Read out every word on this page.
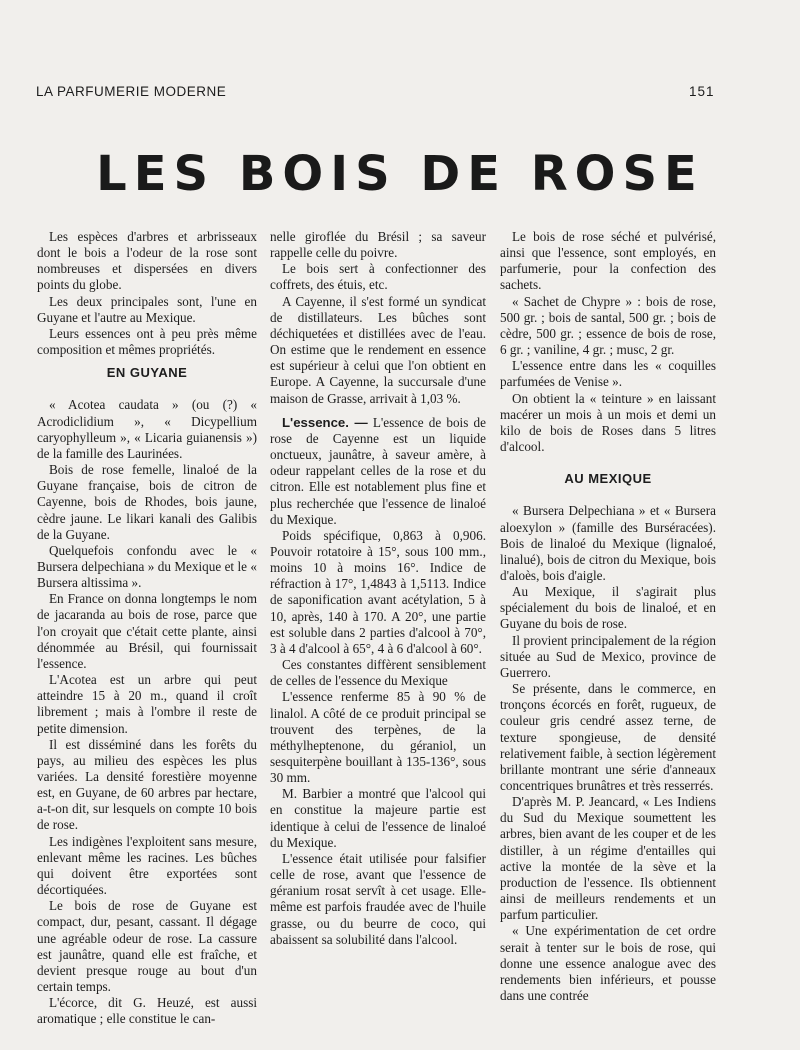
LA PARFUMERIE MODERNE	151
LES BOIS DE ROSE

Les espèces d'arbres et arbrisseaux dont le bois a l'odeur de la rose sont nombreuses et dispersées en divers points du globe.

Les deux principales sont, l'une en Guyane et l'autre au Mexique.

Leurs essences ont à peu près même composition et mêmes propriétés.

EN GUYANE

« Acotea caudata » (ou (?) « Acrodiclidium », « Dicypellium caryophylleum », « Licaria guianensis ») de la famille des Laurinées.

Bois de rose femelle, linaloé de la Guyane française, bois de citron de Cayenne, bois de Rhodes, bois jaune, cèdre jaune. Le likari kanali des Galibis de la Guyane.

Quelquefois confondu avec le « Bursera delpechiana » du Mexique et le « Bursera altissima ».

En France on donna longtemps le nom de jacaranda au bois de rose, parce que l'on croyait que c'était cette plante, ainsi dénommée au Brésil, qui fournissait l'essence.

L'Acotea est un arbre qui peut atteindre 15 à 20 m., quand il croît librement ; mais à l'ombre il reste de petite dimension.

Il est disséminé dans les forêts du pays, au milieu des espèces les plus variées. La densité forestière moyenne est, en Guyane, de 60 arbres par hectare, a-t-on dit, sur lesquels on compte 10 bois de rose.

Les indigènes l'exploitent sans mesure, enlevant même les racines. Les bûches qui doivent être exportées sont décortiquées.

Le bois de rose de Guyane est compact, dur, pesant, cassant. Il dégage une agréable odeur de rose. La cassure est jaunâtre, quand elle est fraîche, et devient presque rouge au bout d'un certain temps.

L'écorce, dit G. Heuzé, est aussi aromatique ; elle constitue le can-

nelle giroflée du Brésil ; sa saveur rappelle celle du poivre.

Le bois sert à confectionner des coffrets, des étuis, etc.

A Cayenne, il s'est formé un syndicat de distillateurs. Les bûches sont déchiquetées et distillées avec de l'eau. On estime que le rendement en essence est supérieur à celui que l'on obtient en Europe. A Cayenne, la succursale d'une maison de Grasse, arrivait à 1,03 %.

L'essence. — L'essence de bois de rose de Cayenne est un liquide onctueux, jaunâtre, à saveur amère, à odeur rappelant celles de la rose et du citron. Elle est notablement plus fine et plus recherchée que l'essence de linaloé du Mexique.

Poids spécifique, 0,863 à 0,906. Pouvoir rotatoire à 15°, sous 100 mm., moins 10 à moins 16°. Indice de réfraction à 17°, 1,4843 à 1,5113. Indice de saponification avant acétylation, 5 à 10, après, 140 à 170. A 20°, une partie est soluble dans 2 parties d'alcool à 70°, 3 à 4 d'alcool à 65°, 4 à 6 d'alcool à 60°.

Ces constantes diffèrent sensiblement de celles de l'essence du Mexique

L'essence renferme 85 à 90 % de linalol. A côté de ce produit principal se trouvent des terpènes, de la méthylheptenone, du géraniol, un sesquiterpène bouillant à 135-136°, sous 30 mm.

M. Barbier a montré que l'alcool qui en constitue la majeure partie est identique à celui de l'essence de linaloé du Mexique.

L'essence était utilisée pour falsifier celle de rose, avant que l'essence de géranium rosat servît à cet usage. Elle-même est parfois fraudée avec de l'huile grasse, ou du beurre de coco, qui abaissent sa solubilité dans l'alcool.

Le bois de rose séché et pulvérisé, ainsi que l'essence, sont employés, en parfumerie, pour la confection des sachets.

« Sachet de Chypre » : bois de rose, 500 gr. ; bois de santal, 500 gr. ; bois de cèdre, 500 gr. ; essence de bois de rose, 6 gr. ; vaniline, 4 gr. ; musc, 2 gr.

L'essence entre dans les « coquilles parfumées de Venise ».

On obtient la « teinture » en laissant macérer un mois à un mois et demi un kilo de bois de Roses dans 5 litres d'alcool.

AU MEXIQUE

« Bursera Delpechiana » et « Bursera aloexylon » (famille des Burséracées). Bois de linaloé du Mexique (lignaloé, linalué), bois de citron du Mexique, bois d'aloès, bois d'aigle.

Au Mexique, il s'agirait plus spécialement du bois de linaloé, et en Guyane du bois de rose.

Il provient principalement de la région située au Sud de Mexico, province de Guerrero.

Se présente, dans le commerce, en tronçons écorcés en forêt, rugueux, de couleur gris cendré assez terne, de texture spongieuse, de densité relativement faible, à section légèrement brillante montrant une série d'anneaux concentriques brunâtres et très resserrés.

D'après M. P. Jeancard, « Les Indiens du Sud du Mexique soumettent les arbres, bien avant de les couper et de les distiller, à un régime d'entailles qui active la montée de la sève et la production de l'essence. Ils obtiennent ainsi de meilleurs rendements et un parfum particulier.

« Une expérimentation de cet ordre serait à tenter sur le bois de rose, qui donne une essence analogue avec des rendements bien inférieurs, et pousse dans une contrée
